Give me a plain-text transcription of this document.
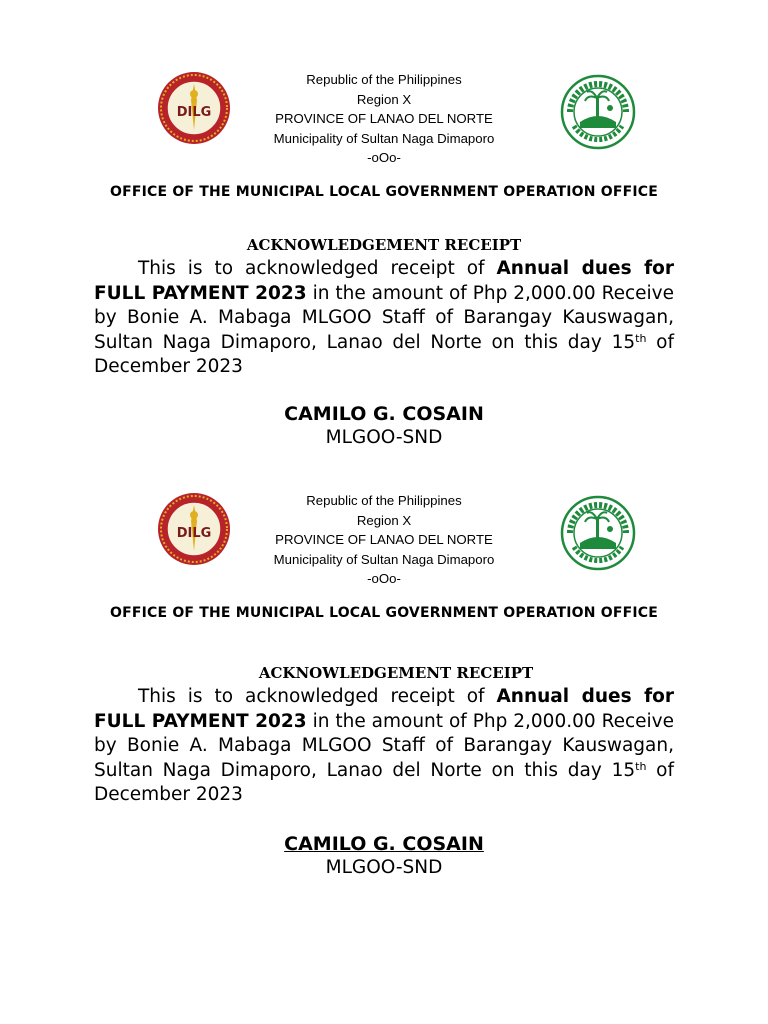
DILG
Republic of the Philippines
Region X
PROVINCE OF LANAO DEL NORTE
Municipality of Sultan Naga Dimaporo
-oOo-
OFFICE OF THE MUNICIPAL LOCAL GOVERNMENT OPERATION OFFICE
ACKNOWLEDGEMENT RECEIPT

This is to acknowledged receipt of Annual dues for FULL PAYMENT 2023 in the amount of Php 2,000.00 Receive by Bonie A. Mabaga MLGOO Staff of Barangay Kauswagan, Sultan Naga Dimaporo, Lanao del Norte on this day 15th of December 2023

CAMILO G. COSAIN
MLGOO-SND
DILG
Republic of the Philippines
Region X
PROVINCE OF LANAO DEL NORTE
Municipality of Sultan Naga Dimaporo
-oOo-
OFFICE OF THE MUNICIPAL LOCAL GOVERNMENT OPERATION OFFICE
ACKNOWLEDGEMENT RECEIPT

This is to acknowledged receipt of Annual dues for FULL PAYMENT 2023 in the amount of Php 2,000.00 Receive by Bonie A. Mabaga MLGOO Staff of Barangay Kauswagan, Sultan Naga Dimaporo, Lanao del Norte on this day 15th of December 2023

CAMILO G. COSAIN
MLGOO-SND
